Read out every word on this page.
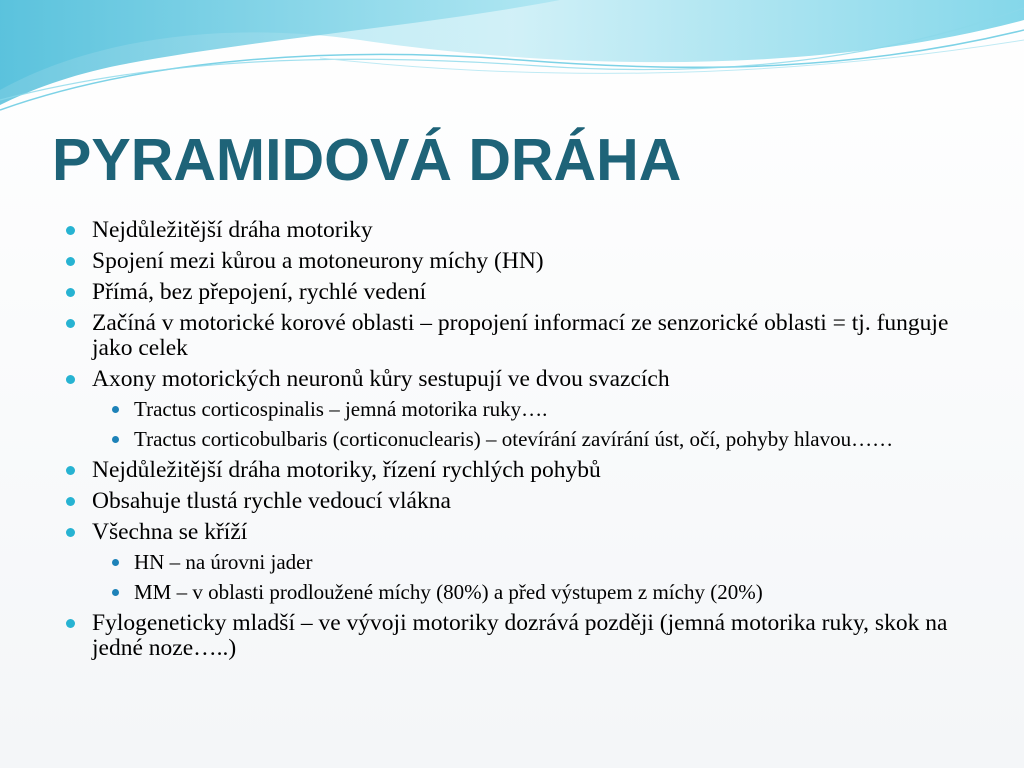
PYRAMIDOVÁ DRÁHA
Nejdůležitější dráha motoriky
Spojení mezi kůrou a motoneurony míchy (HN)
Přímá, bez přepojení, rychlé vedení
Začíná v motorické korové oblasti – propojení informací ze senzorické oblasti = tj. funguje jako celek
Axony motorických neuronů kůry sestupují ve dvou svazcích
Tractus corticospinalis – jemná motorika ruky….
Tractus corticobulbaris (corticonuclearis) – otevírání zavírání úst, očí, pohyby hlavou……
Nejdůležitější dráha motoriky, řízení rychlých pohybů
Obsahuje tlustá rychle vedoucí vlákna
Všechna se kříží
HN – na úrovni jader
MM – v oblasti prodloužené míchy (80%) a před výstupem z míchy (20%)
Fylogeneticky mladší – ve vývoji motoriky dozrává později (jemná motorika ruky, skok na jedné noze…..)
